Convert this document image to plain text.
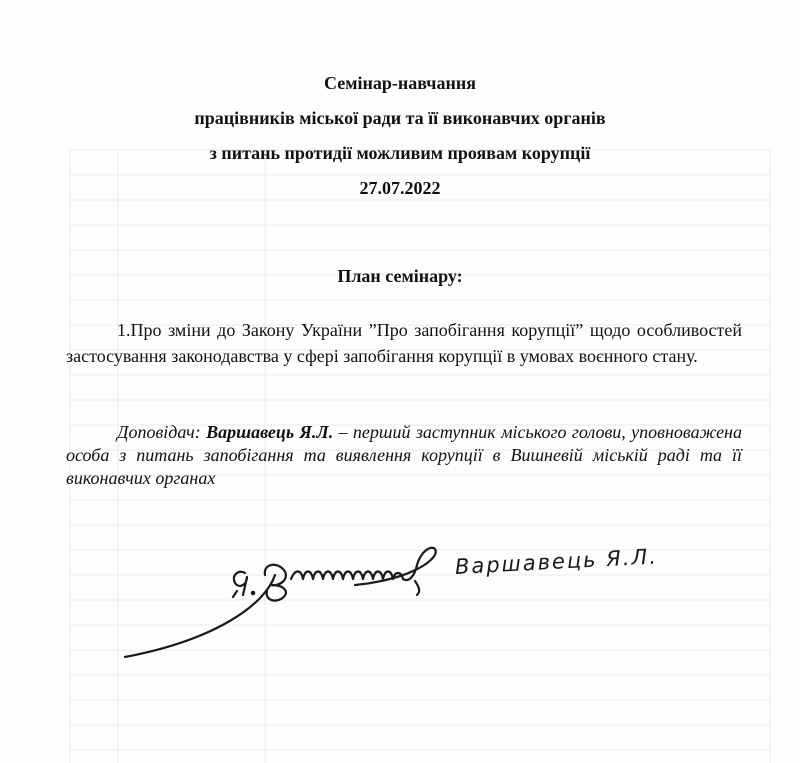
Семінар-навчання
працівників міської ради та її виконавчих органів
з питань протидії можливим проявам корупції
27.07.2022
План семінару:
1.Про зміни до Закону України ”Про запобігання корупції” щодо особливостей застосування законодавства у сфері запобігання корупції в умовах воєнного стану.
Доповідач: Варшавець Я.Л. – перший заступник міського голови, уповноважена особа з питань запобігання та виявлення корупції в Вишневій міській раді та її виконавчих органах
Варшавець Я.Л.
